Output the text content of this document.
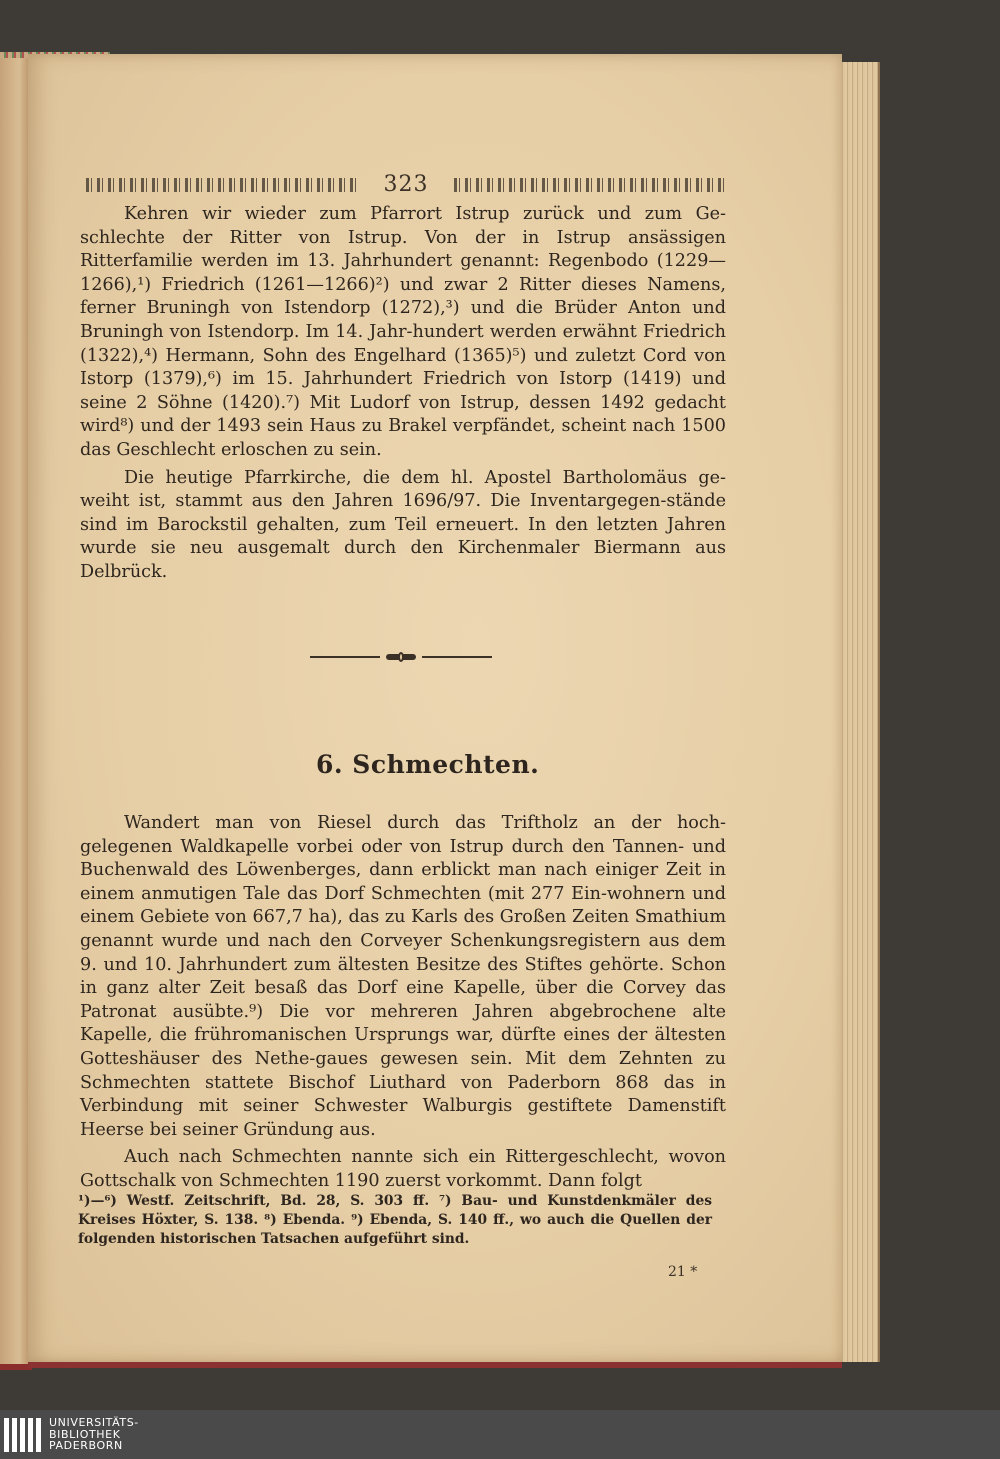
323

Kehren wir wieder zum Pfarrort Istrup zurück und zum Ge-schlechte der Ritter von Istrup. Von der in Istrup ansässigen Ritterfamilie werden im 13. Jahrhundert genannt: Regenbodo (1229—1266),¹) Friedrich (1261—1266)²) und zwar 2 Ritter dieses Namens, ferner Bruningh von Istendorp (1272),³) und die Brüder Anton und Bruningh von Istendorp. Im 14. Jahr-hundert werden erwähnt Friedrich (1322),⁴) Hermann, Sohn des Engelhard (1365)⁵) und zuletzt Cord von Istorp (1379),⁶) im 15. Jahrhundert Friedrich von Istorp (1419) und seine 2 Söhne (1420).⁷) Mit Ludorf von Istrup, dessen 1492 gedacht wird⁸) und der 1493 sein Haus zu Brakel verpfändet, scheint nach 1500 das Geschlecht erloschen zu sein.

Die heutige Pfarrkirche, die dem hl. Apostel Bartholomäus ge-weiht ist, stammt aus den Jahren 1696/97. Die Inventargegen-stände sind im Barockstil gehalten, zum Teil erneuert. In den letzten Jahren wurde sie neu ausgemalt durch den Kirchenmaler Biermann aus Delbrück.

6. Schmechten.

Wandert man von Riesel durch das Triftholz an der hoch-gelegenen Waldkapelle vorbei oder von Istrup durch den Tannen- und Buchenwald des Löwenberges, dann erblickt man nach einiger Zeit in einem anmutigen Tale das Dorf Schmechten (mit 277 Ein-wohnern und einem Gebiete von 667,7 ha), das zu Karls des Großen Zeiten Smathium genannt wurde und nach den Corveyer Schenkungsregistern aus dem 9. und 10. Jahrhundert zum ältesten Besitze des Stiftes gehörte. Schon in ganz alter Zeit besaß das Dorf eine Kapelle, über die Corvey das Patronat ausübte.⁹) Die vor mehreren Jahren abgebrochene alte Kapelle, die frühromanischen Ursprungs war, dürfte eines der ältesten Gotteshäuser des Nethe-gaues gewesen sein. Mit dem Zehnten zu Schmechten stattete Bischof Liuthard von Paderborn 868 das in Verbindung mit seiner Schwester Walburgis gestiftete Damenstift Heerse bei seiner Gründung aus.

Auch nach Schmechten nannte sich ein Rittergeschlecht, wovon Gottschalk von Schmechten 1190 zuerst vorkommt. Dann folgt

¹)—⁶) Westf. Zeitschrift, Bd. 28, S. 303 ff. ⁷) Bau- und Kunstdenkmäler des Kreises Höxter, S. 138. ⁸) Ebenda. ⁹) Ebenda, S. 140 ff., wo auch die Quellen der folgenden historischen Tatsachen aufgeführt sind.

21 *
UNIVERSITÄTS-
BIBLIOTHEK
PADERBORN
